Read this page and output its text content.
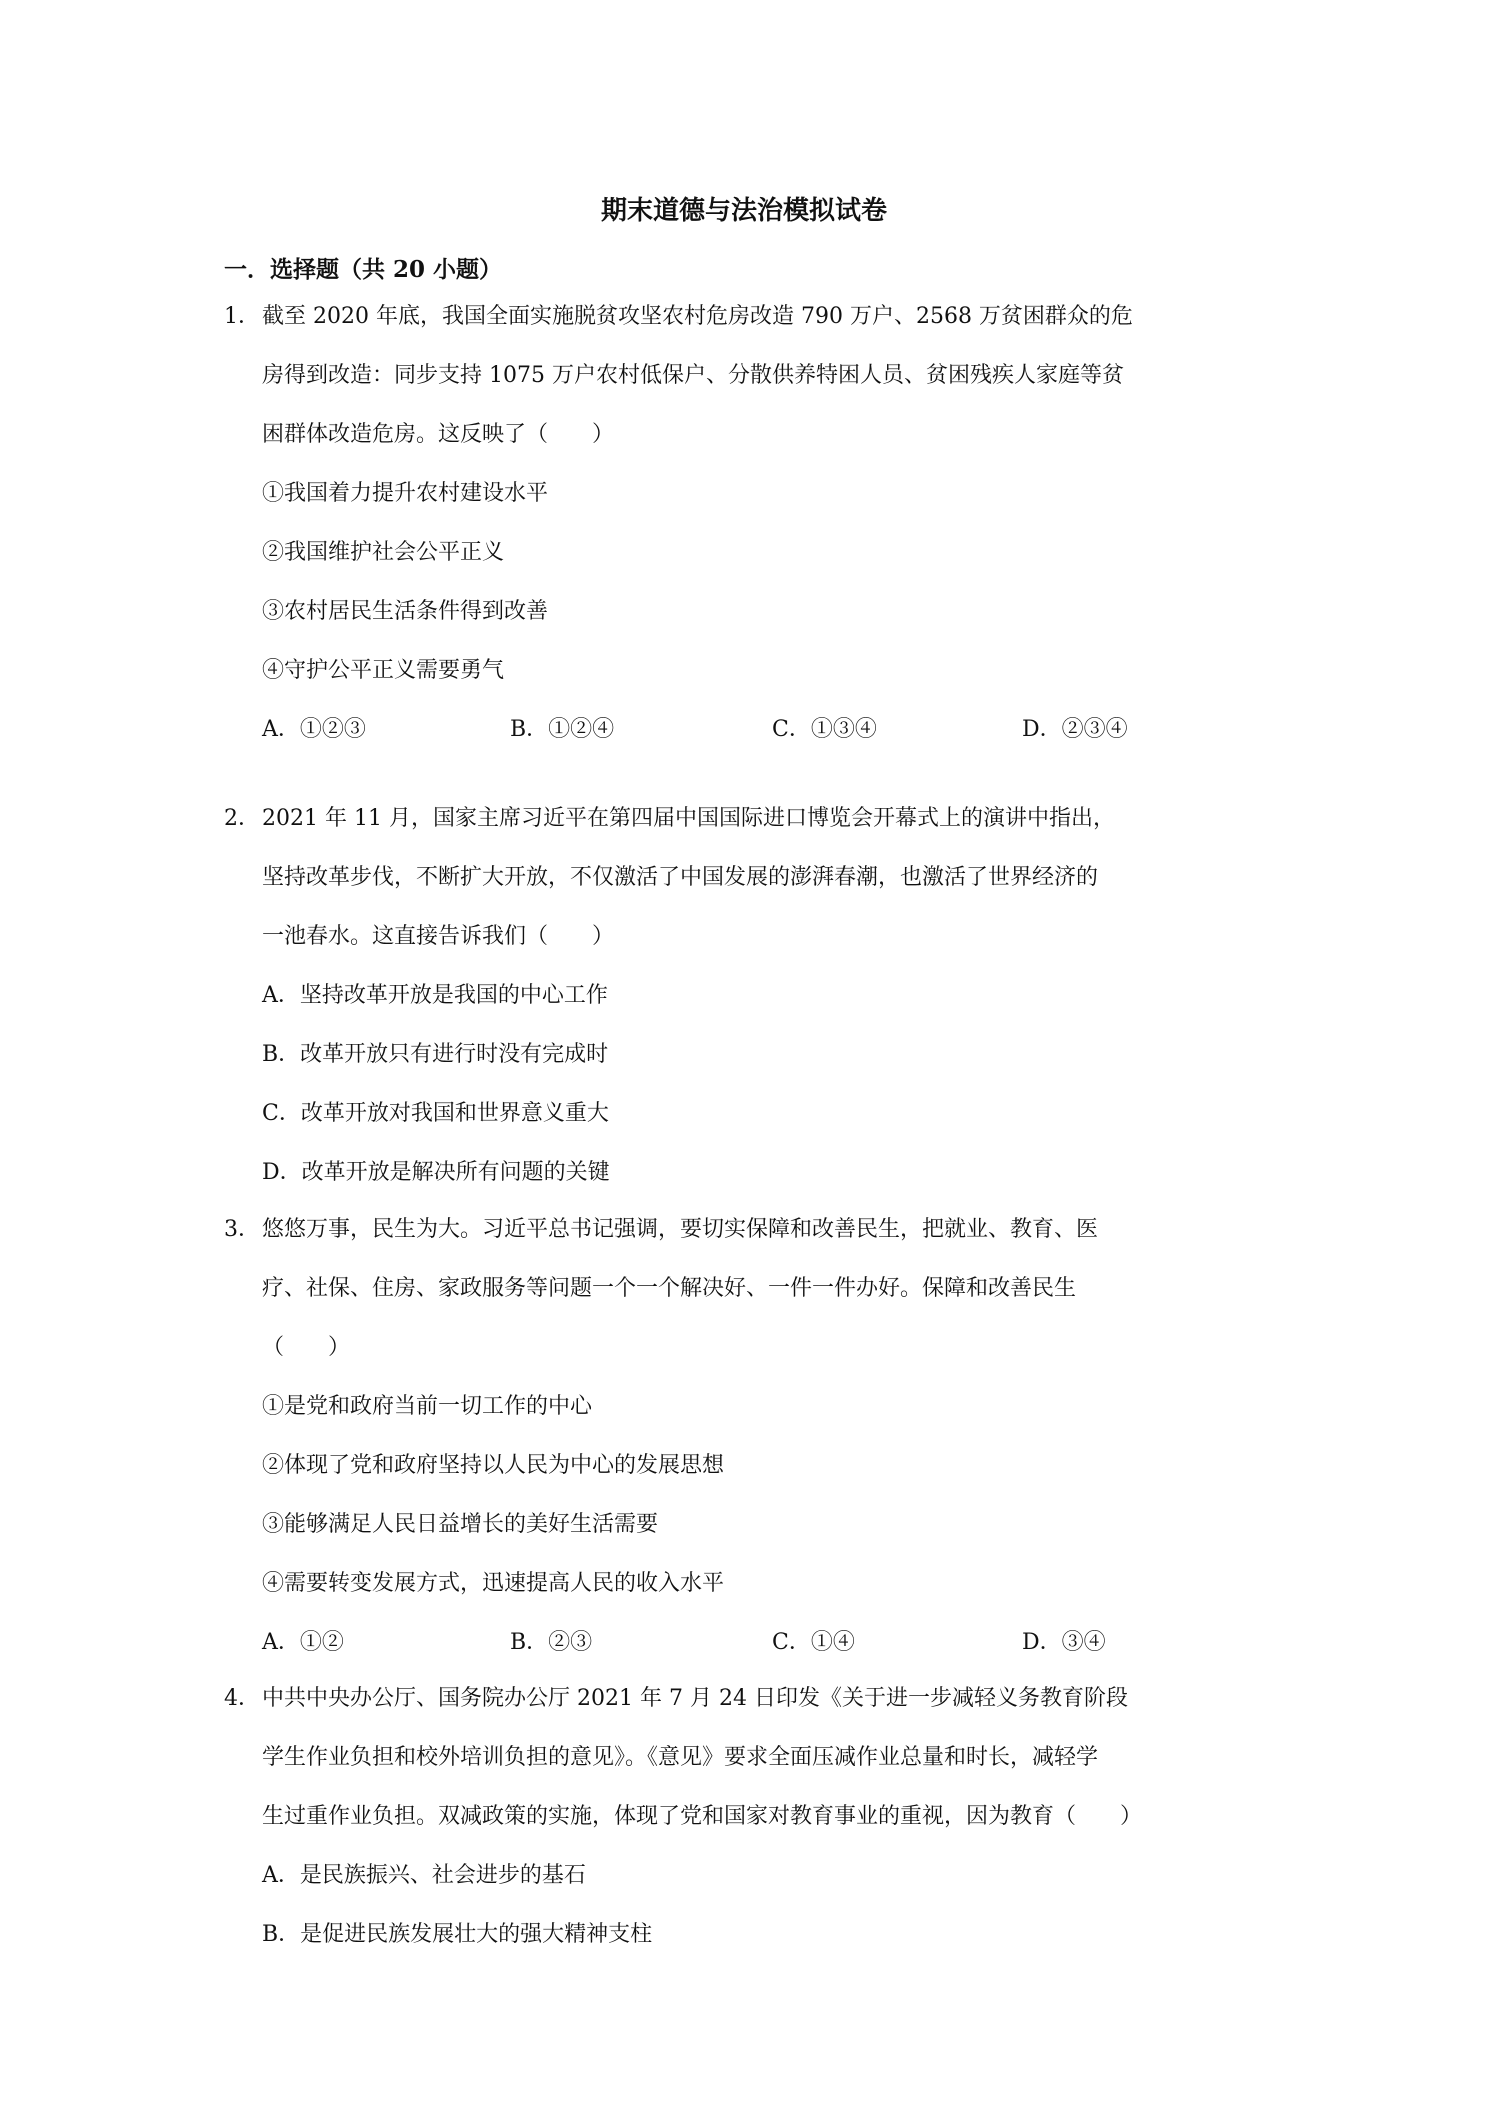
期末道德与法治模拟试卷
一．选择题（共 20 小题）
1． 截至 2020 年底，我国全面实施脱贫攻坚农村危房改造 790 万户、2568 万贫困群众的危
房得到改造：同步支持 1075 万户农村低保户、分散供养特困人员、贫困残疾人家庭等贫
困群体改造危房。这反映了（　　）
①我国着力提升农村建设水平
②我国维护社会公平正义
③农村居民生活条件得到改善
④守护公平正义需要勇气
A．①②③	B．①②④	C．①③④	D．②③④
2． 2021 年 11 月，国家主席习近平在第四届中国国际进口博览会开幕式上的演讲中指出，
坚持改革步伐，不断扩大开放，不仅激活了中国发展的澎湃春潮，也激活了世界经济的
一池春水。这直接告诉我们（　　）
A．坚持改革开放是我国的中心工作
B．改革开放只有进行时没有完成时
C．改革开放对我国和世界意义重大
D．改革开放是解决所有问题的关键
3． 悠悠万事，民生为大。习近平总书记强调，要切实保障和改善民生，把就业、教育、医
疗、社保、住房、家政服务等问题一个一个解决好、一件一件办好。保障和改善民生
（　　）
①是党和政府当前一切工作的中心
②体现了党和政府坚持以人民为中心的发展思想
③能够满足人民日益增长的美好生活需要
④需要转变发展方式，迅速提高人民的收入水平
A．①②	B．②③	C．①④	D．③④
4． 中共中央办公厅、国务院办公厅 2021 年 7 月 24 日印发《关于进一步减轻义务教育阶段
学生作业负担和校外培训负担的意见》。《意见》要求全面压减作业总量和时长，减轻学
生过重作业负担。双减政策的实施，体现了党和国家对教育事业的重视，因为教育（　　）
A．是民族振兴、社会进步的基石
B．是促进民族发展壮大的强大精神支柱
